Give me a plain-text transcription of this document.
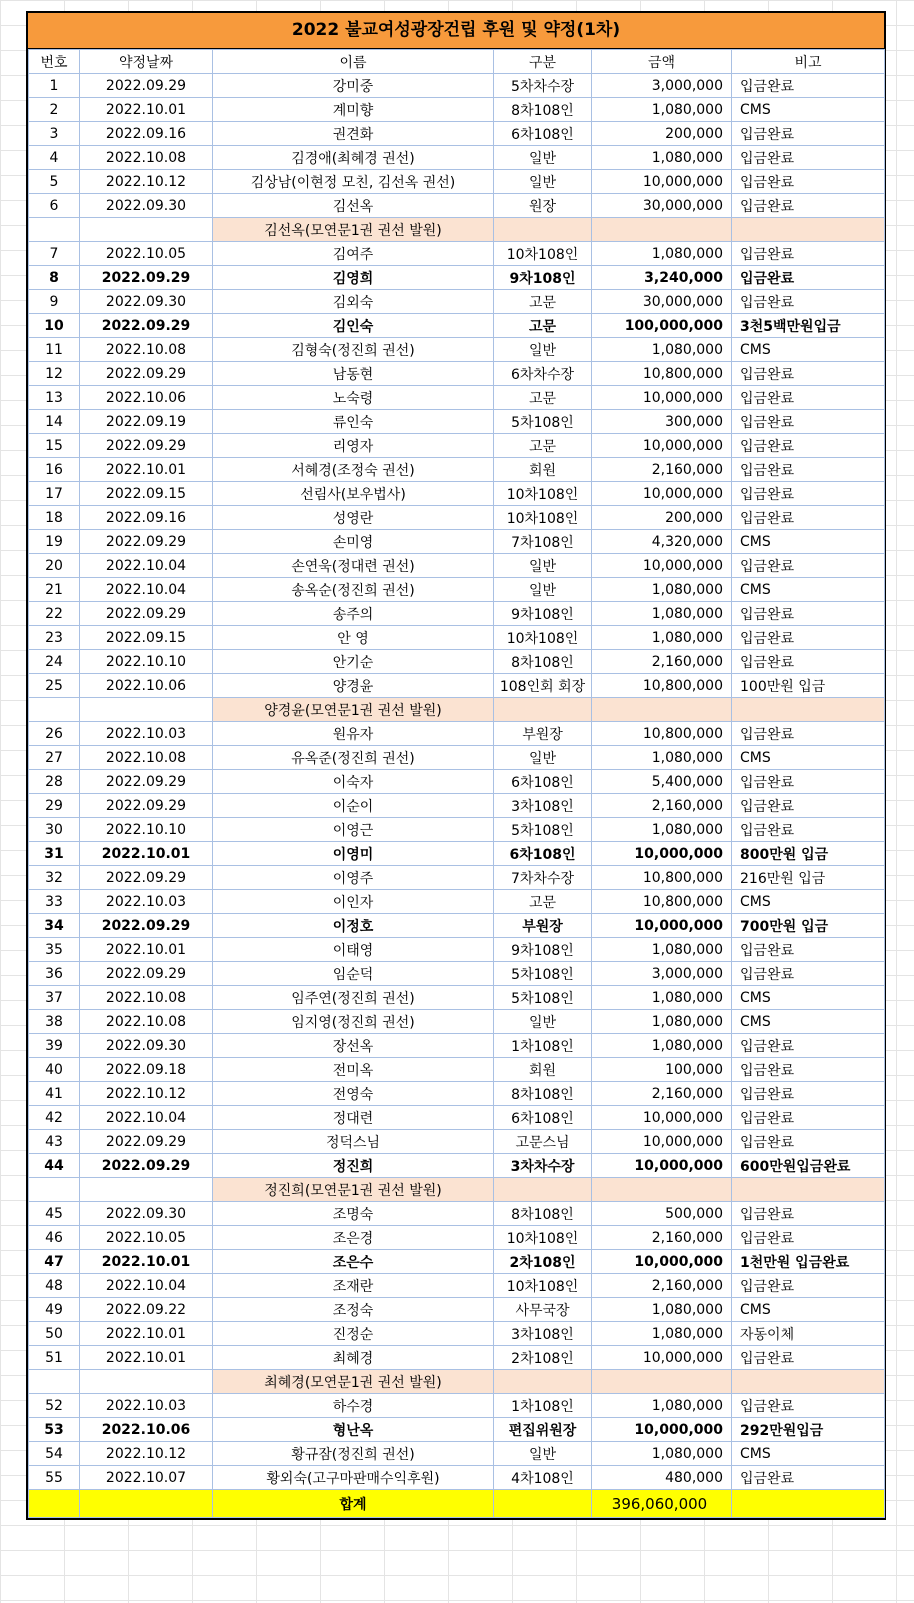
2022 불교여성광장건립 후원 및 약정(1차)
번호	약정날짜	이름	구분	금액	비고
1	2022.09.29	강미중	5차차수장	3,000,000	입금완료
2	2022.10.01	계미향	8차108인	1,080,000	CMS
3	2022.09.16	권견화	6차108인	200,000	입금완료
4	2022.10.08	김경애(최혜경 권선)	일반	1,080,000	입금완료
5	2022.10.12	김상남(이현정 모친, 김선옥 권선)	일반	10,000,000	입금완료
6	2022.09.30	김선옥	원장	30,000,000	입금완료
		김선옥(모연문1권 권선 발원)			
7	2022.10.05	김여주	10차108인	1,080,000	입금완료
8	2022.09.29	김영희	9차108인	3,240,000	입금완료
9	2022.09.30	김외숙	고문	30,000,000	입금완료
10	2022.09.29	김인숙	고문	100,000,000	3천5백만원입금
11	2022.10.08	김형숙(정진희 권선)	일반	1,080,000	CMS
12	2022.09.29	남동현	6차차수장	10,800,000	입금완료
13	2022.10.06	노숙령	고문	10,000,000	입금완료
14	2022.09.19	류인숙	5차108인	300,000	입금완료
15	2022.09.29	리영자	고문	10,000,000	입금완료
16	2022.10.01	서혜경(조정숙 권선)	회원	2,160,000	입금완료
17	2022.09.15	선림사(보우법사)	10차108인	10,000,000	입금완료
18	2022.09.16	성영란	10차108인	200,000	입금완료
19	2022.09.29	손미영	7차108인	4,320,000	CMS
20	2022.10.04	손연욱(정대련 권선)	일반	10,000,000	입금완료
21	2022.10.04	송옥순(정진희 권선)	일반	1,080,000	CMS
22	2022.09.29	송주의	9차108인	1,080,000	입금완료
23	2022.09.15	안 영	10차108인	1,080,000	입금완료
24	2022.10.10	안기순	8차108인	2,160,000	입금완료
25	2022.10.06	양경윤	108인회 회장	10,800,000	100만원 입금
		양경윤(모연문1권 권선 발원)			
26	2022.10.03	원유자	부원장	10,800,000	입금완료
27	2022.10.08	유옥준(정진희 권선)	일반	1,080,000	CMS
28	2022.09.29	이숙자	6차108인	5,400,000	입금완료
29	2022.09.29	이순이	3차108인	2,160,000	입금완료
30	2022.10.10	이영근	5차108인	1,080,000	입금완료
31	2022.10.01	이영미	6차108인	10,000,000	800만원 입금
32	2022.09.29	이영주	7차차수장	10,800,000	216만원 입금
33	2022.10.03	이인자	고문	10,800,000	CMS
34	2022.09.29	이정호	부원장	10,000,000	700만원 입금
35	2022.10.01	이태영	9차108인	1,080,000	입금완료
36	2022.09.29	임순덕	5차108인	3,000,000	입금완료
37	2022.10.08	임주연(정진희 권선)	5차108인	1,080,000	CMS
38	2022.10.08	임지영(정진희 권선)	일반	1,080,000	CMS
39	2022.09.30	장선옥	1차108인	1,080,000	입금완료
40	2022.09.18	전미옥	회원	100,000	입금완료
41	2022.10.12	전영숙	8차108인	2,160,000	입금완료
42	2022.10.04	정대련	6차108인	10,000,000	입금완료
43	2022.09.29	정덕스님	고문스님	10,000,000	입금완료
44	2022.09.29	정진희	3차차수장	10,000,000	600만원입금완료
		정진희(모연문1권 권선 발원)			
45	2022.09.30	조명숙	8차108인	500,000	입금완료
46	2022.10.05	조은경	10차108인	2,160,000	입금완료
47	2022.10.01	조은수	2차108인	10,000,000	1천만원 입금완료
48	2022.10.04	조재란	10차108인	2,160,000	입금완료
49	2022.09.22	조정숙	사무국장	1,080,000	CMS
50	2022.10.01	진정순	3차108인	1,080,000	자동이체
51	2022.10.01	최혜경	2차108인	10,000,000	입금완료
		최혜경(모연문1권 권선 발원)			
52	2022.10.03	하수경	1차108인	1,080,000	입금완료
53	2022.10.06	형난옥	편집위원장	10,000,000	292만원입금
54	2022.10.12	황규잠(정진희 권선)	일반	1,080,000	CMS
55	2022.10.07	황외숙(고구마판매수익후원)	4차108인	480,000	입금완료
		합계		396,060,000	
